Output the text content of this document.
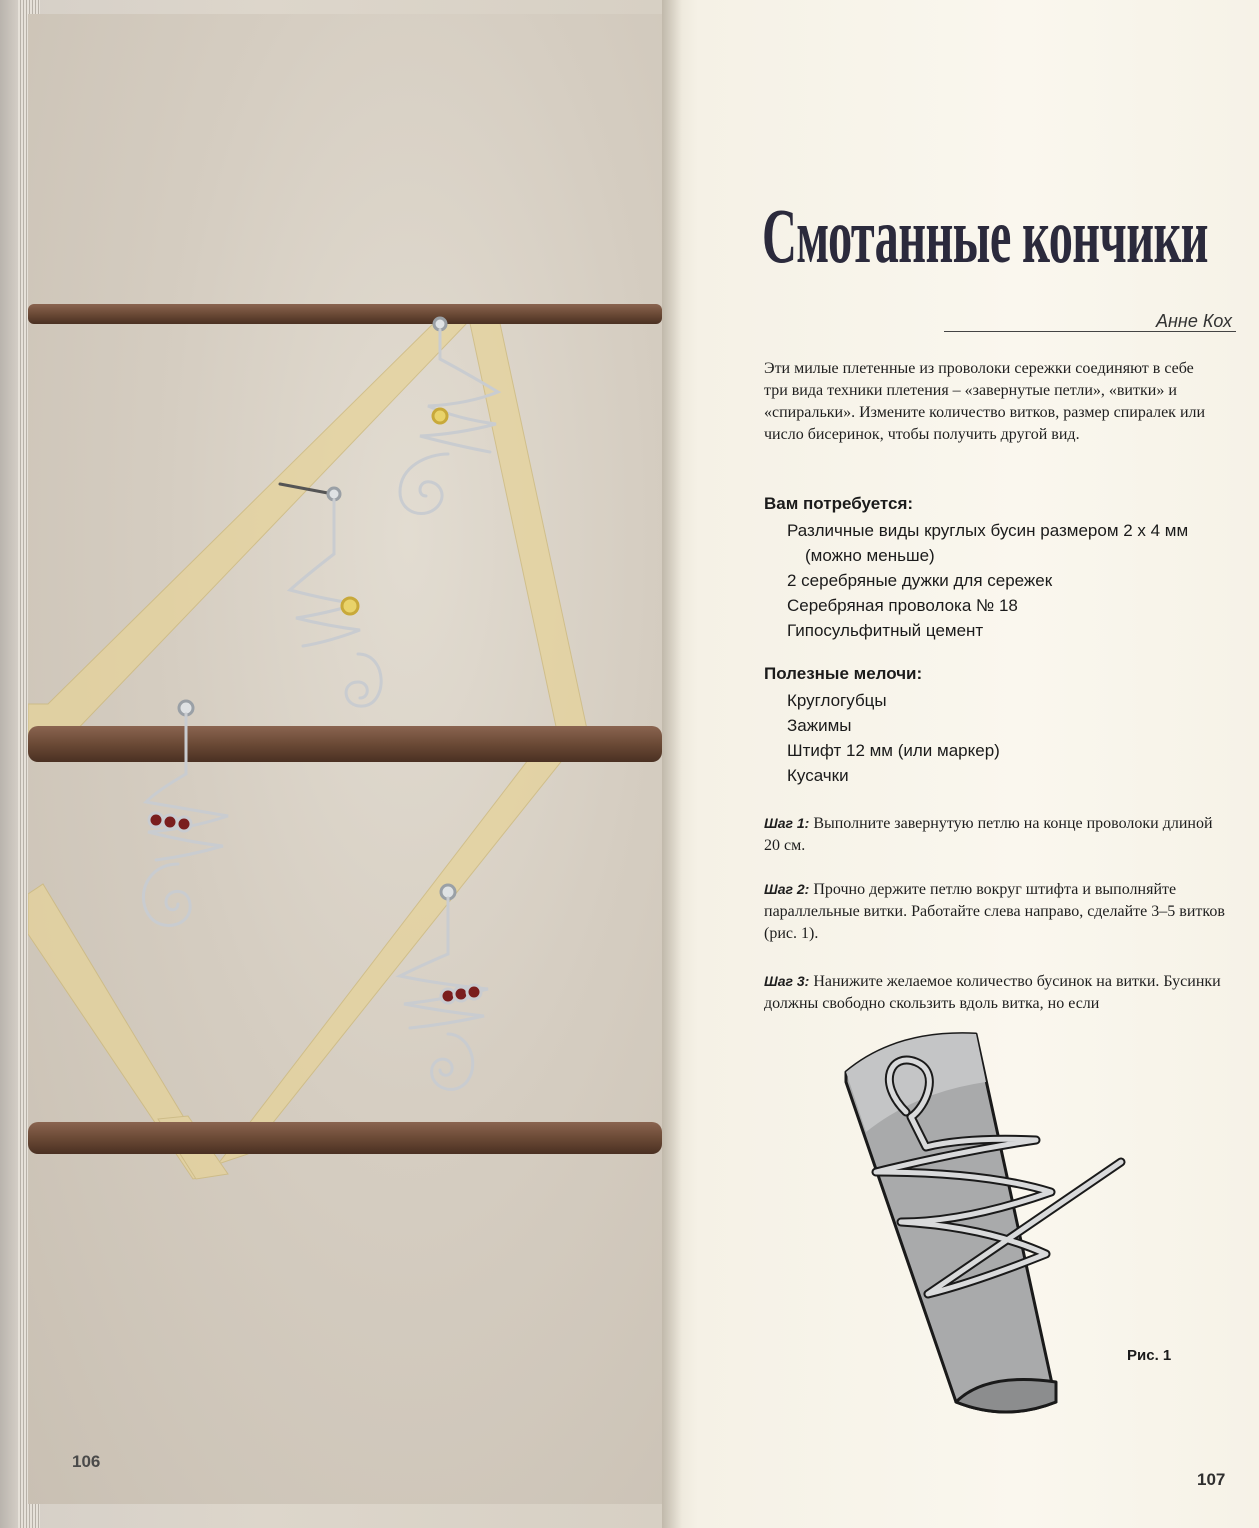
106
Смотанные кончики
Анне Кох

Эти милые плетенные из проволоки сережки соединяют в себе три вида техники плетения – «завернутые петли», «витки» и «спиральки». Измените количество витков, размер спиралек или число бисеринок, чтобы получить другой вид.

Вам потребуется:
Различные виды круглых бусин размером 2 х 4 мм
(можно меньше)
2 серебряные дужки для сережек
Серебряная проволока № 18
Гипосульфитный цемент
Полезные мелочи:
Круглогубцы
Зажимы
Штифт 12 мм (или маркер)
Кусачки

Шаг 1: Выполните завернутую петлю на конце проволоки длиной 20 см.

Шаг 2: Прочно держите петлю вокруг штифта и выполняйте параллельные витки. Работайте слева направо, сделайте 3–5 витков (рис. 1).

Шаг 3: Нанижите желаемое количество бусинок на витки. Бусинки должны свободно скользить вдоль витка, но если

Рис. 1
107
